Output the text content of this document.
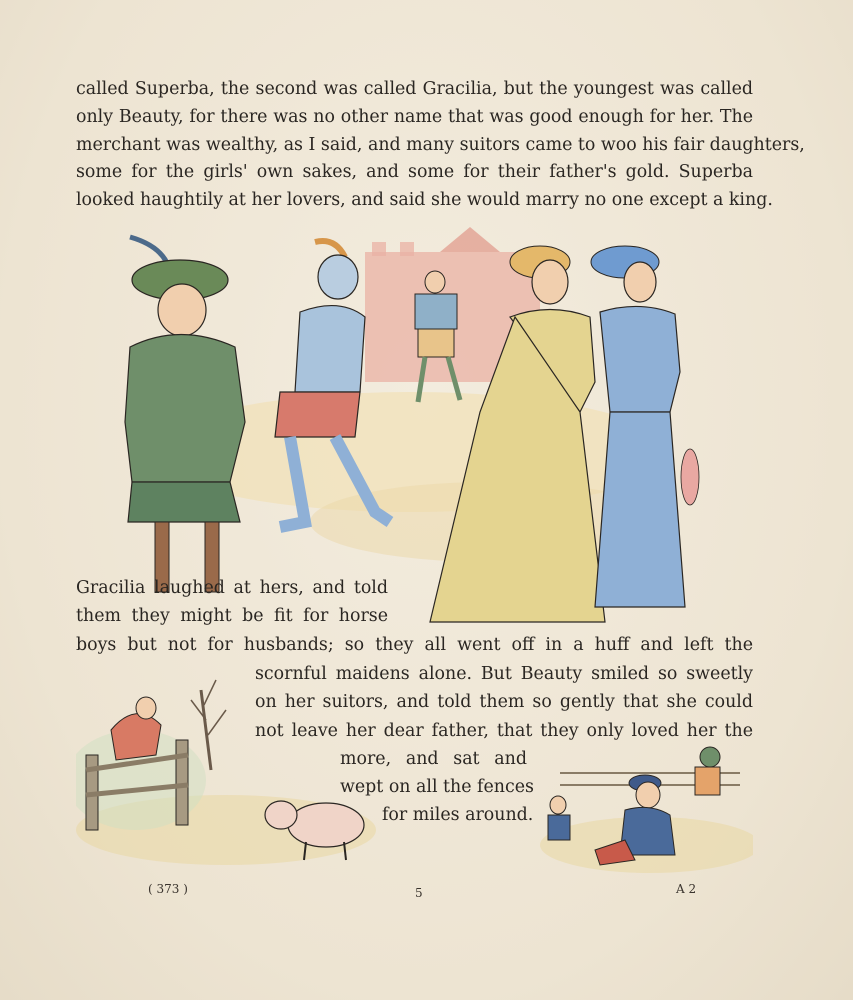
called Superba, the second was called Gracilia, but the youngest was called
only Beauty, for there was no other name that was good enough for her. The
merchant was wealthy, as I said, and many suitors came to woo his fair daughters,
some for the girls' own sakes, and some for their father's gold. Superba
looked haughtily at her lovers, and said she would marry no one except a king.
Gracilia laughed at hers, and told
them they might be fit for horse
boys but not for husbands; so they all went off in a huff and left the
scornful maidens alone. But Beauty smiled so sweetly
on her suitors, and told them so gently that she could
not leave her dear father, that they only loved her the
more, and sat and
wept on all the fences
for miles around.
( 373 )	5	A 2
